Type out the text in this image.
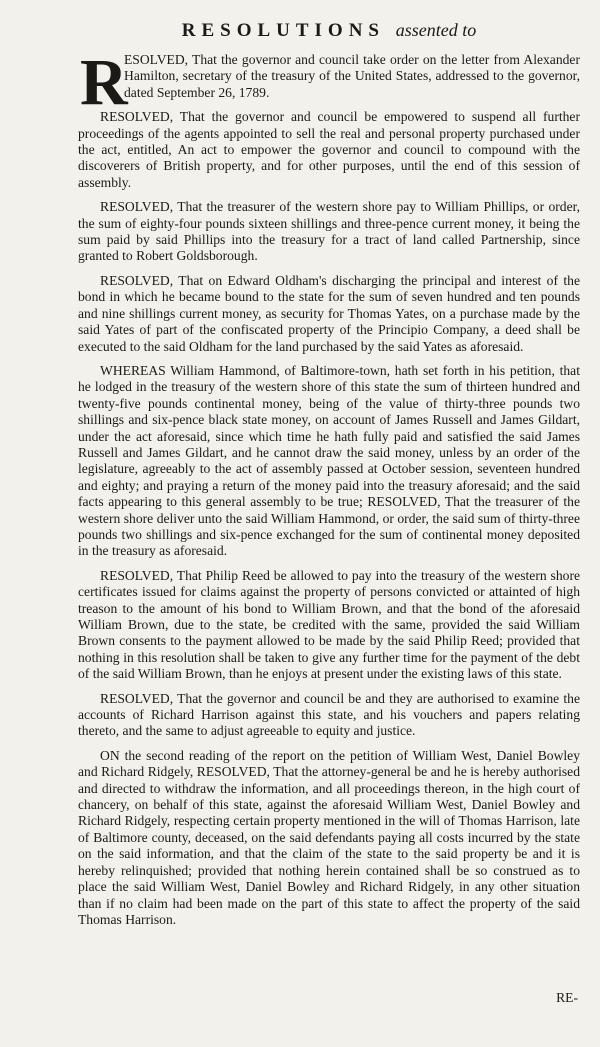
RESOLUTIONS assented to
R

ESOLVED, That the governor and council take order on the letter from Alexander Hamilton, secretary of the treasury of the United States, addressed to the governor, dated September 26, 1789.

RESOLVED, That the governor and council be empowered to suspend all further proceedings of the agents appointed to sell the real and personal property purchased under the act, entitled, An act to empower the governor and council to compound with the discoverers of British property, and for other purposes, until the end of this session of assembly.

RESOLVED, That the treasurer of the western shore pay to William Phillips, or order, the sum of eighty-four pounds sixteen shillings and three-pence current money, it being the sum paid by said Phillips into the treasury for a tract of land called Partnership, since granted to Robert Goldsborough.

RESOLVED, That on Edward Oldham's discharging the principal and interest of the bond in which he became bound to the state for the sum of seven hundred and ten pounds and nine shillings current money, as security for Thomas Yates, on a purchase made by the said Yates of part of the confiscated property of the Principio Company, a deed shall be executed to the said Oldham for the land purchased by the said Yates as aforesaid.

WHEREAS William Hammond, of Baltimore-town, hath set forth in his petition, that he lodged in the treasury of the western shore of this state the sum of thirteen hundred and twenty-five pounds continental money, being of the value of thirty-three pounds two shillings and six-pence black state money, on account of James Russell and James Gildart, under the act aforesaid, since which time he hath fully paid and satisfied the said James Russell and James Gildart, and he cannot draw the said money, unless by an order of the legislature, agreeably to the act of assembly passed at October session, seventeen hundred and eighty; and praying a return of the money paid into the treasury aforesaid; and the said facts appearing to this general assembly to be true; RESOLVED, That the treasurer of the western shore deliver unto the said William Hammond, or order, the said sum of thirty-three pounds two shillings and six-pence exchanged for the sum of continental money deposited in the treasury as aforesaid.

RESOLVED, That Philip Reed be allowed to pay into the treasury of the western shore certificates issued for claims against the property of persons convicted or attainted of high treason to the amount of his bond to William Brown, and that the bond of the aforesaid William Brown, due to the state, be credited with the same, provided the said William Brown consents to the payment allowed to be made by the said Philip Reed; provided that nothing in this resolution shall be taken to give any further time for the payment of the debt of the said William Brown, than he enjoys at present under the existing laws of this state.

RESOLVED, That the governor and council be and they are authorised to examine the accounts of Richard Harrison against this state, and his vouchers and papers relating thereto, and the same to adjust agreeable to equity and justice.

ON the second reading of the report on the petition of William West, Daniel Bowley and Richard Ridgely, RESOLVED, That the attorney-general be and he is hereby authorised and directed to withdraw the information, and all proceedings thereon, in the high court of chancery, on behalf of this state, against the aforesaid William West, Daniel Bowley and Richard Ridgely, respecting certain property mentioned in the will of Thomas Harrison, late of Baltimore county, deceased, on the said defendants paying all costs incurred by the state on the said information, and that the claim of the state to the said property be and it is hereby relinquished; provided that nothing herein contained shall be so construed as to place the said William West, Daniel Bowley and Richard Ridgely, in any other situation than if no claim had been made on the part of this state to affect the property of the said Thomas Harrison.

RE-
